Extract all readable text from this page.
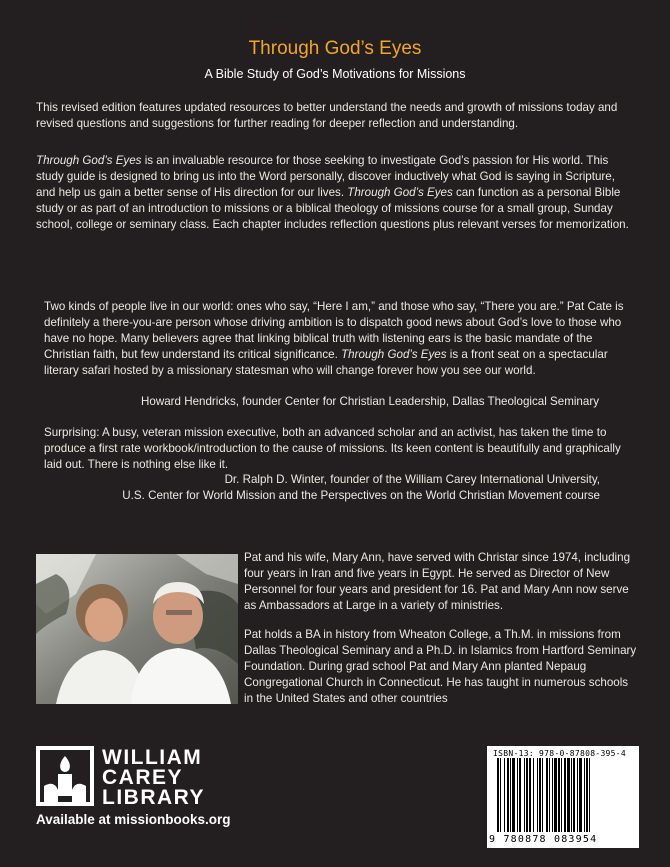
Through God’s Eyes
A Bible Study of God’s Motivations for Missions

This revised edition features updated resources to better understand the needs and growth of missions today and revised questions and suggestions for further reading for deeper reflection and understanding.

Through God’s Eyes is an invaluable resource for those seeking to investigate God’s passion for His world. This study guide is designed to bring us into the Word personally, discover inductively what God is saying in Scripture, and help us gain a better sense of His direction for our lives. Through God’s Eyes can function as a personal Bible study or as part of an introduction to missions or a biblical theology of missions course for a small group, Sunday school, college or seminary class. Each chapter includes reflection questions plus relevant verses for memorization.

Two kinds of people live in our world: ones who say, “Here I am,” and those who say, “There you are.” Pat Cate is definitely a there-you-are person whose driving ambition is to dispatch good news about God’s love to those who have no hope. Many believers agree that linking biblical truth with listening ears is the basic mandate of the Christian faith, but few understand its critical significance. Through God’s Eyes is a front seat on a spectacular literary safari hosted by a missionary statesman who will change forever how you see our world.

Howard Hendricks, founder Center for Christian Leadership, Dallas Theological Seminary

Surprising: A busy, veteran mission executive, both an advanced scholar and an activist, has taken the time to produce a first rate workbook/introduction to the cause of missions. Its keen content is beautifully and graphically laid out. There is nothing else like it.

Dr. Ralph D. Winter, founder of the William Carey International University,
U.S. Center for World Mission and the Perspectives on the World Christian Movement course

Pat and his wife, Mary Ann, have served with Christar since 1974, including four years in Iran and five years in Egypt. He served as Director of New Personnel for four years and president for 16. Pat and Mary Ann now serve as Ambassadors at Large in a variety of ministries.

Pat holds a BA in history from Wheaton College, a Th.M. in missions from Dallas Theological Seminary and a Ph.D. in Islamics from Hartford Seminary Foundation. During grad school Pat and Mary Ann planted Nepaug Congregational Church in Connecticut. He has taught in numerous schools in the United States and other countries

WILLIAM
CAREY
LIBRARY
Available at missionbooks.org
ISBN-13: 978-0-87808-395-4
9 780878 083954
